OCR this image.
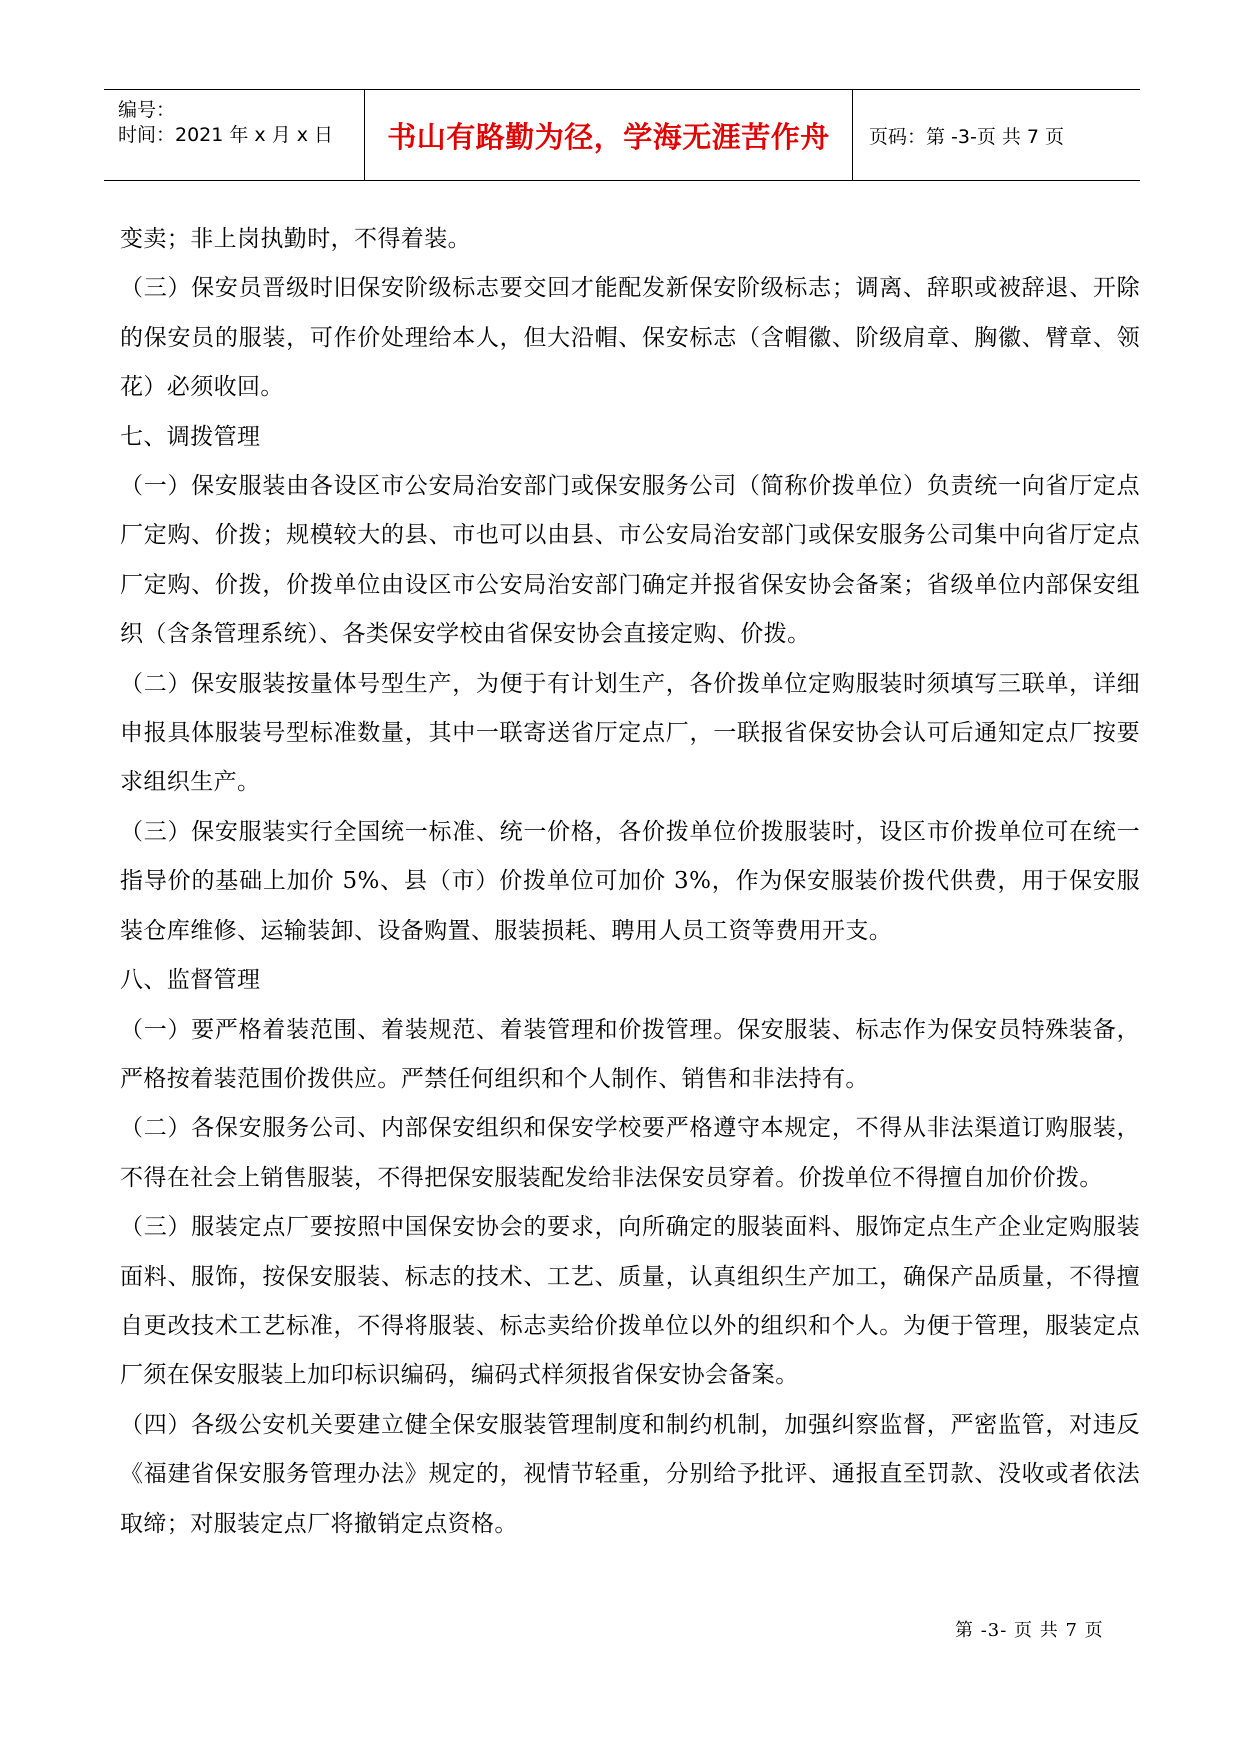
编号：
时间：2021 年 x 月 x 日 书山有路勤为径，学海无涯苦作舟 页码：第 -3-页 共 7 页

变卖；非上岗执勤时，不得着装。

（三）保安员晋级时旧保安阶级标志要交回才能配发新保安阶级标志；调离、辞职或被辞退、开除的保安员的服装，可作价处理给本人，但大沿帽、保安标志（含帽徽、阶级肩章、胸徽、臂章、领花）必须收回。

七、调拨管理

（一）保安服装由各设区市公安局治安部门或保安服务公司（简称价拨单位）负责统一向省厅定点厂定购、价拨；规模较大的县、市也可以由县、市公安局治安部门或保安服务公司集中向省厅定点厂定购、价拨，价拨单位由设区市公安局治安部门确定并报省保安协会备案；省级单位内部保安组织（含条管理系统）、各类保安学校由省保安协会直接定购、价拨。

（二）保安服装按量体号型生产，为便于有计划生产，各价拨单位定购服装时须填写三联单，详细申报具体服装号型标准数量，其中一联寄送省厅定点厂，一联报省保安协会认可后通知定点厂按要求组织生产。

（三）保安服装实行全国统一标准、统一价格，各价拨单位价拨服装时，设区市价拨单位可在统一指导价的基础上加价 5%、县（市）价拨单位可加价 3%，作为保安服装价拨代供费，用于保安服装仓库维修、运输装卸、设备购置、服装损耗、聘用人员工资等费用开支。

八、监督管理

（一）要严格着装范围、着装规范、着装管理和价拨管理。保安服装、标志作为保安员特殊装备，严格按着装范围价拨供应。严禁任何组织和个人制作、销售和非法持有。

（二）各保安服务公司、内部保安组织和保安学校要严格遵守本规定，不得从非法渠道订购服装，不得在社会上销售服装，不得把保安服装配发给非法保安员穿着。价拨单位不得擅自加价价拨。

（三）服装定点厂要按照中国保安协会的要求，向所确定的服装面料、服饰定点生产企业定购服装面料、服饰，按保安服装、标志的技术、工艺、质量，认真组织生产加工，确保产品质量，不得擅自更改技术工艺标准，不得将服装、标志卖给价拨单位以外的组织和个人。为便于管理，服装定点厂须在保安服装上加印标识编码，编码式样须报省保安协会备案。

（四）各级公安机关要建立健全保安服装管理制度和制约机制，加强纠察监督，严密监管，对违反《福建省保安服务管理办法》规定的，视情节轻重，分别给予批评、通报直至罚款、没收或者依法取缔；对服装定点厂将撤销定点资格。

第 -3- 页 共 7 页
